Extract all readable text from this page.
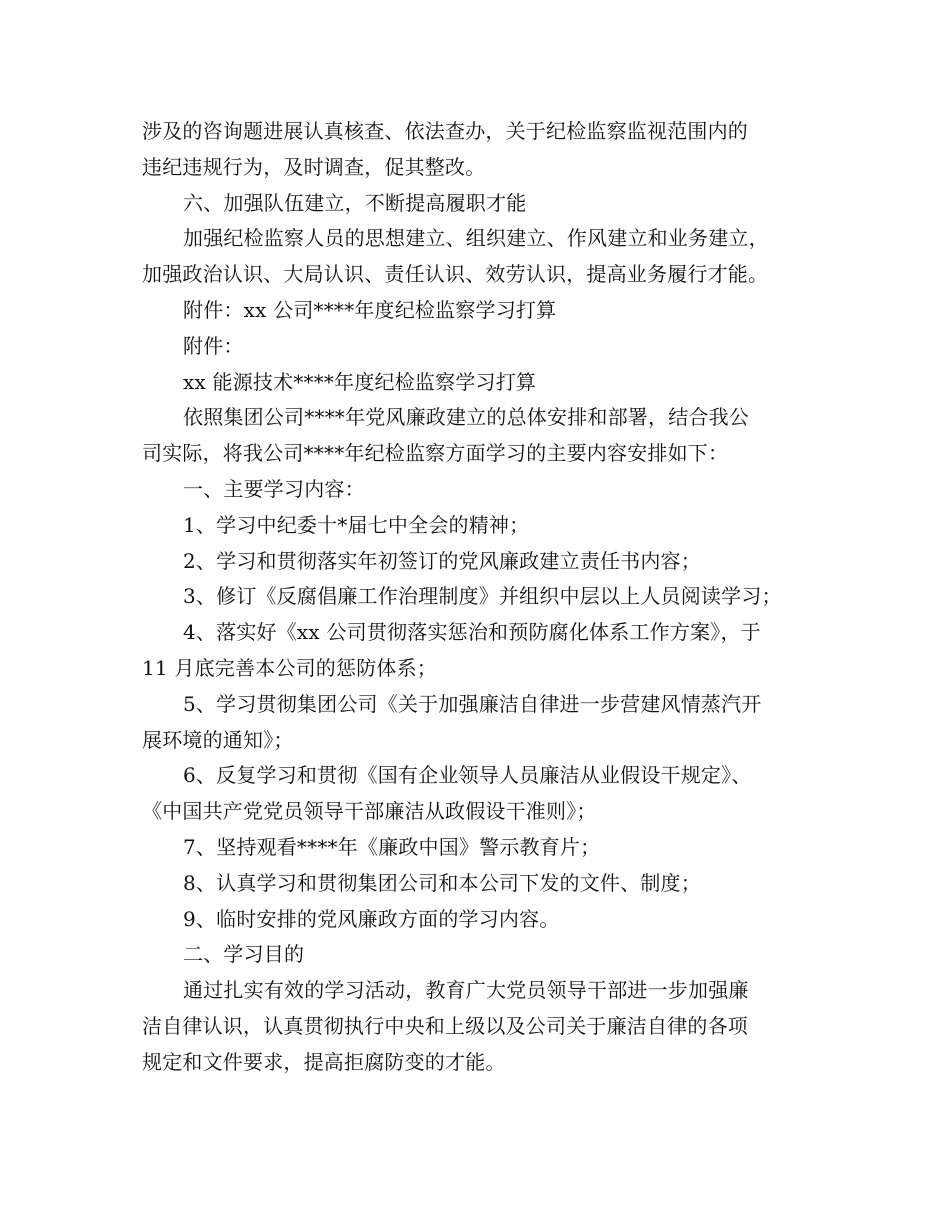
涉及的咨询题进展认真核查、依法查办，关于纪检监察监视范围内的
违纪违规行为，及时调查，促其整改。
六、加强队伍建立，不断提高履职才能
加强纪检监察人员的思想建立、组织建立、作风建立和业务建立，
加强政治认识、大局认识、责任认识、效劳认识，提高业务履行才能。
附件：xx 公司****年度纪检监察学习打算
附件：
xx 能源技术****年度纪检监察学习打算
依照集团公司****年党风廉政建立的总体安排和部署，结合我公
司实际，将我公司****年纪检监察方面学习的主要内容安排如下：
一、主要学习内容：
1、学习中纪委十*届七中全会的精神；
2、学习和贯彻落实年初签订的党风廉政建立责任书内容；
3、修订《反腐倡廉工作治理制度》并组织中层以上人员阅读学习；
4、落实好《xx 公司贯彻落实惩治和预防腐化体系工作方案》，于
11 月底完善本公司的惩防体系；
5、学习贯彻集团公司《关于加强廉洁自律进一步营建风情蒸汽开
展环境的通知》；
6、反复学习和贯彻《国有企业领导人员廉洁从业假设干规定》、
《中国共产党党员领导干部廉洁从政假设干准则》；
7、坚持观看****年《廉政中国》警示教育片；
8、认真学习和贯彻集团公司和本公司下发的文件、制度；
9、临时安排的党风廉政方面的学习内容。
二、学习目的
通过扎实有效的学习活动，教育广大党员领导干部进一步加强廉
洁自律认识，认真贯彻执行中央和上级以及公司关于廉洁自律的各项
规定和文件要求，提高拒腐防变的才能。
